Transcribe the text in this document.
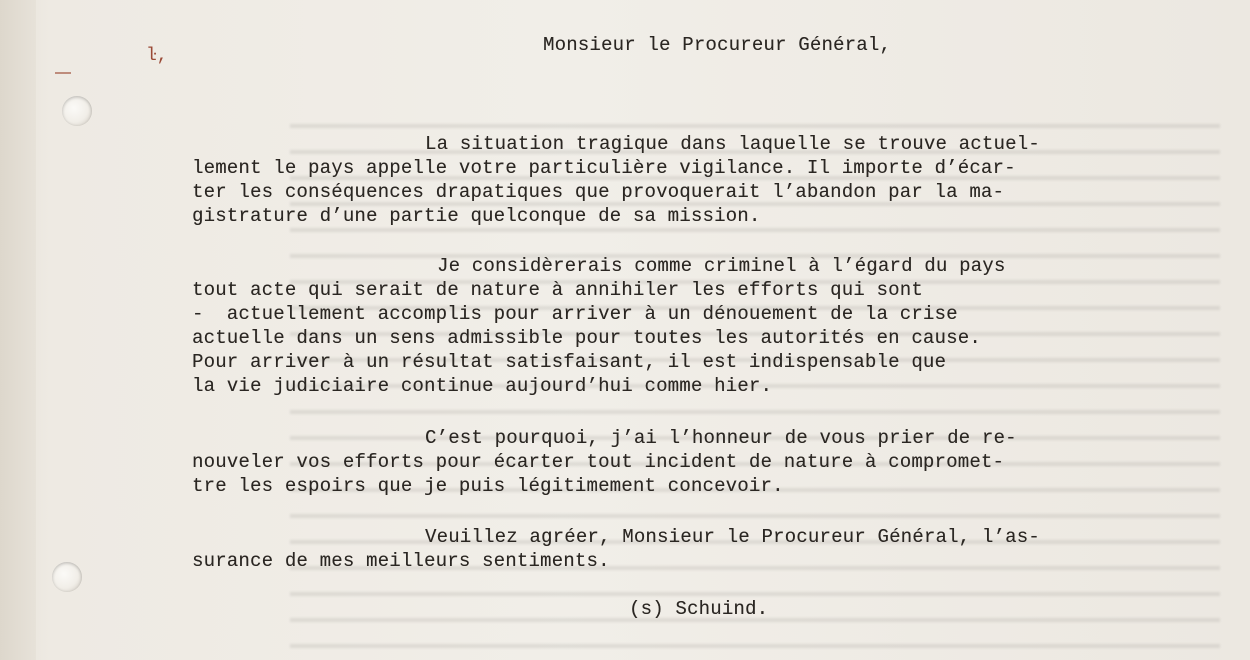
ŀ,	Monsieur le Procureur Général,
La situation tragique dans laquelle se trouve actuel-
lement le pays appelle votre particulière vigilance. Il importe d’écar-
ter les conséquences drapatiques que provoquerait l’abandon par la ma-
gistrature d’une partie quelconque de sa mission.
Je considèrerais comme criminel à l’égard du pays
tout acte qui serait de nature à annihiler les efforts qui sont
-  actuellement accomplis pour arriver à un dénouement de la crise
actuelle dans un sens admissible pour toutes les autorités en cause.
Pour arriver à un résultat satisfaisant, il est indispensable que
la vie judiciaire continue aujourd’hui comme hier.
C’est pourquoi, j’ai l’honneur de vous prier de re-
nouveler vos efforts pour écarter tout incident de nature à compromet-
tre les espoirs que je puis légitimement concevoir.
Veuillez agréer, Monsieur le Procureur Général, l’as-
surance de mes meilleurs sentiments.
(s) Schuind.
